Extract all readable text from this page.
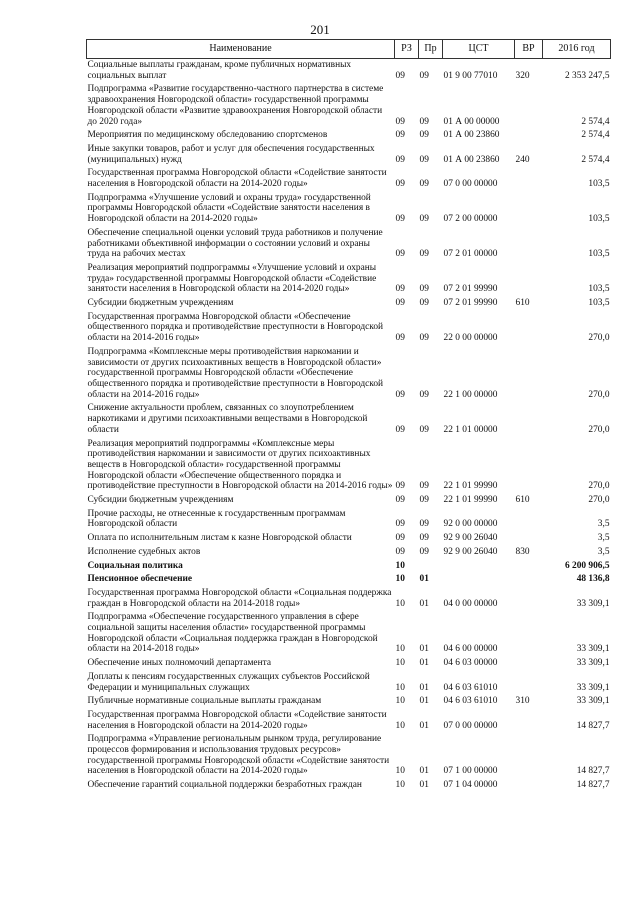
201
Наименование	РЗ	Пр	ЦСТ	ВР	2016 год
Социальные выплаты гражданам, кроме публичных нормативных социальных выплат	09	09	01 9 00 77010	320	2 353 247,5
Подпрограмма «Развитие государственно-частного партнерства в системе здравоохранения Новгородской области» государственной программы Новгородской области «Развитие здравоохранения Новгородской области до 2020 года»	09	09	01 А 00 00000		2 574,4
Мероприятия по медицинскому обследованию спортсменов	09	09	01 А 00 23860		2 574,4
Иные закупки товаров, работ и услуг для обеспечения государственных (муниципальных) нужд	09	09	01 А 00 23860	240	2 574,4
Государственная программа Новгородской области «Содействие занятости населения в Новгородской области на 2014-2020 годы»	09	09	07 0 00 00000		103,5
Подпрограмма «Улучшение условий и охраны труда» государственной программы Новгородской области «Содействие занятости населения в Новгородской области на 2014-2020 годы»	09	09	07 2 00 00000		103,5
Обеспечение специальной оценки условий труда работников и получение работниками объективной информации о состоянии условий и охраны труда на рабочих местах	09	09	07 2 01 00000		103,5
Реализация мероприятий подпрограммы «Улучшение условий и охраны труда» государственной программы Новгородской области «Содействие занятости населения в Новгородской области на 2014-2020 годы»	09	09	07 2 01 99990		103,5
Субсидии бюджетным учреждениям	09	09	07 2 01 99990	610	103,5
Государственная программа Новгородской области «Обеспечение общественного порядка и противодействие преступности в Новгородской области на 2014-2016 годы»	09	09	22 0 00 00000		270,0
Подпрограмма «Комплексные меры противодействия наркомании и зависимости от других психоактивных веществ в Новгородской области» государственной программы Новгородской области «Обеспечение общественного порядка и противодействие преступности в Новгородской области на 2014-2016 годы»	09	09	22 1 00 00000		270,0
Снижение актуальности проблем, связанных со злоупотреблением наркотиками и другими психоактивными веществами в Новгородской области	09	09	22 1 01 00000		270,0
Реализация мероприятий подпрограммы «Комплексные меры противодействия наркомании и зависимости от других психоактивных веществ в Новгородской области» государственной программы Новгородской области «Обеспечение общественного порядка и противодействие преступности в Новгородской области на 2014-2016 годы»	09	09	22 1 01 99990		270,0
Субсидии бюджетным учреждениям	09	09	22 1 01 99990	610	270,0
Прочие расходы, не отнесенные к государственным программам Новгородской области	09	09	92 0 00 00000		3,5
Оплата по исполнительным листам к казне Новгородской области	09	09	92 9 00 26040		3,5
Исполнение судебных актов	09	09	92 9 00 26040	830	3,5
Социальная политика	10				6 200 906,5
Пенсионное обеспечение	10	01			48 136,8
Государственная программа Новгородской области «Социальная поддержка граждан в Новгородской области на 2014-2018 годы»	10	01	04 0 00 00000		33 309,1
Подпрограмма «Обеспечение государственного управления в сфере социальной защиты населения области» государственной программы Новгородской области «Социальная поддержка граждан в Новгородской области на 2014-2018 годы»	10	01	04 6 00 00000		33 309,1
Обеспечение иных полномочий департамента	10	01	04 6 03 00000		33 309,1
Доплаты к пенсиям государственных служащих субъектов Российской Федерации и муниципальных служащих	10	01	04 6 03 61010		33 309,1
Публичные нормативные социальные выплаты гражданам	10	01	04 6 03 61010	310	33 309,1
Государственная программа Новгородской области «Содействие занятости населения в Новгородской области на 2014-2020 годы»	10	01	07 0 00 00000		14 827,7
Подпрограмма «Управление региональным рынком труда, регулирование процессов формирования и использования трудовых ресурсов» государственной программы Новгородской области «Содействие занятости населения в Новгородской области на 2014-2020 годы»	10	01	07 1 00 00000		14 827,7
Обеспечение гарантий социальной поддержки безработных граждан	10	01	07 1 04 00000		14 827,7
